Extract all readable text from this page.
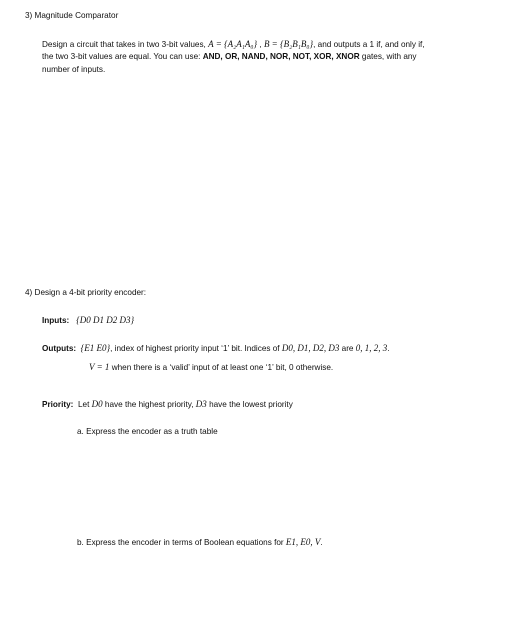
3) Magnitude Comparator
Design a circuit that takes in two 3-bit values, A = {A₂A₁A₀} , B = {B₂B₁B₀}, and outputs a 1 if, and only if,
the two 3-bit values are equal. You can use: AND, OR, NAND, NOR, NOT, XOR, XNOR gates, with any
number of inputs.
4) Design a 4-bit priority encoder:
Inputs: {D0 D1 D2 D3}
Outputs: {E1 E0}, index of highest priority input ‘1’ bit. Indices of D0, D1, D2, D3 are 0, 1, 2, 3.
V = 1 when there is a ‘valid’ input of at least one ‘1’ bit, 0 otherwise.
Priority: Let D0 have the highest priority, D3 have the lowest priority
a. Express the encoder as a truth table
b. Express the encoder in terms of Boolean equations for E1, E0, V.
